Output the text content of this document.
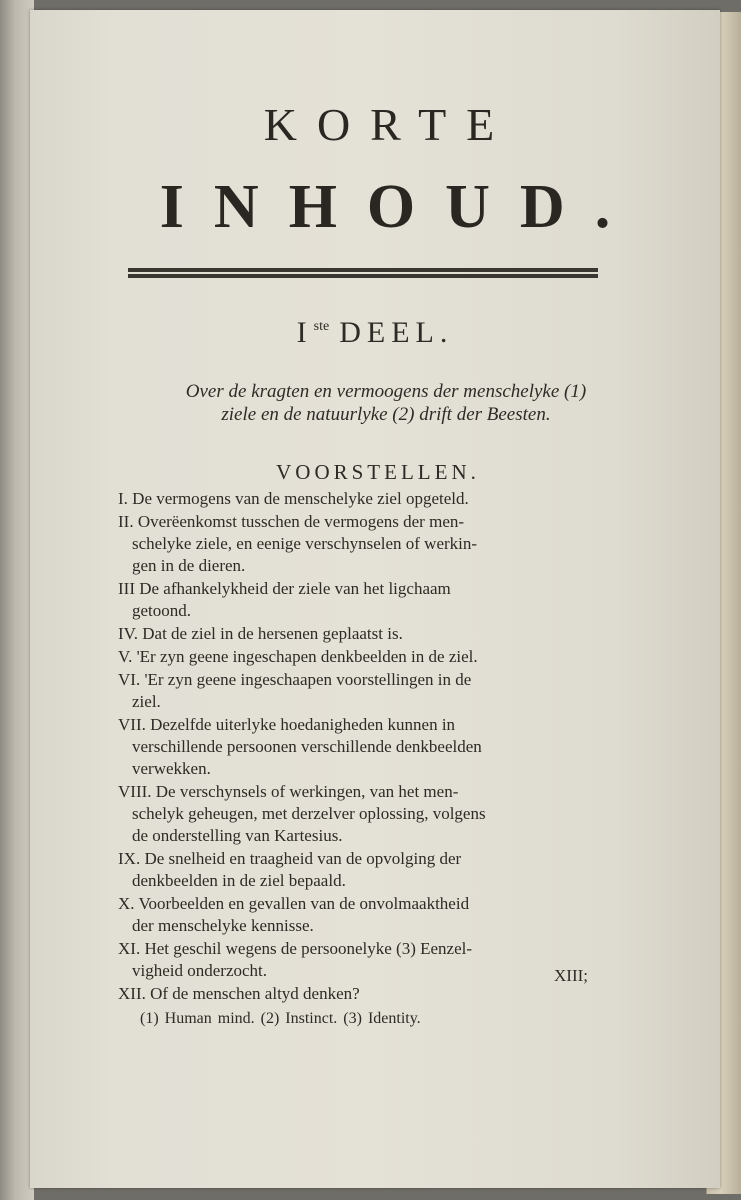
KORTE
INHOUD.
Iste DEEL.
Over de kragten en vermoogens der menschelyke (1)
ziele en de natuurlyke (2) drift der Beesten.
VOORSTELLEN.
I. De vermogens van de menschelyke ziel opgeteld.
II. Overëenkomst tusschen de vermogens der men-
schelyke ziele, en eenige verschynselen of werkin-
gen in de dieren.
III De afhankelykheid der ziele van het ligchaam
getoond.
IV. Dat de ziel in de hersenen geplaatst is.
V. 'Er zyn geene ingeschapen denkbeelden in de ziel.
VI. 'Er zyn geene ingeschaapen voorstellingen in de
ziel.
VII. Dezelfde uiterlyke hoedanigheden kunnen in
verschillende persoonen verschillende denkbeelden
verwekken.
VIII. De verschynsels of werkingen, van het men-
schelyk geheugen, met derzelver oplossing, volgens
de onderstelling van Kartesius.
IX. De snelheid en traagheid van de opvolging der
denkbeelden in de ziel bepaald.
X. Voorbeelden en gevallen van de onvolmaaktheid
der menschelyke kennisse.
XI. Het geschil wegens de persoonelyke (3) Eenzel-
vigheid onderzocht.
XII. Of de menschen altyd denken?
XIII;
(1) Human mind. (2) Instinct. (3) Identity.
